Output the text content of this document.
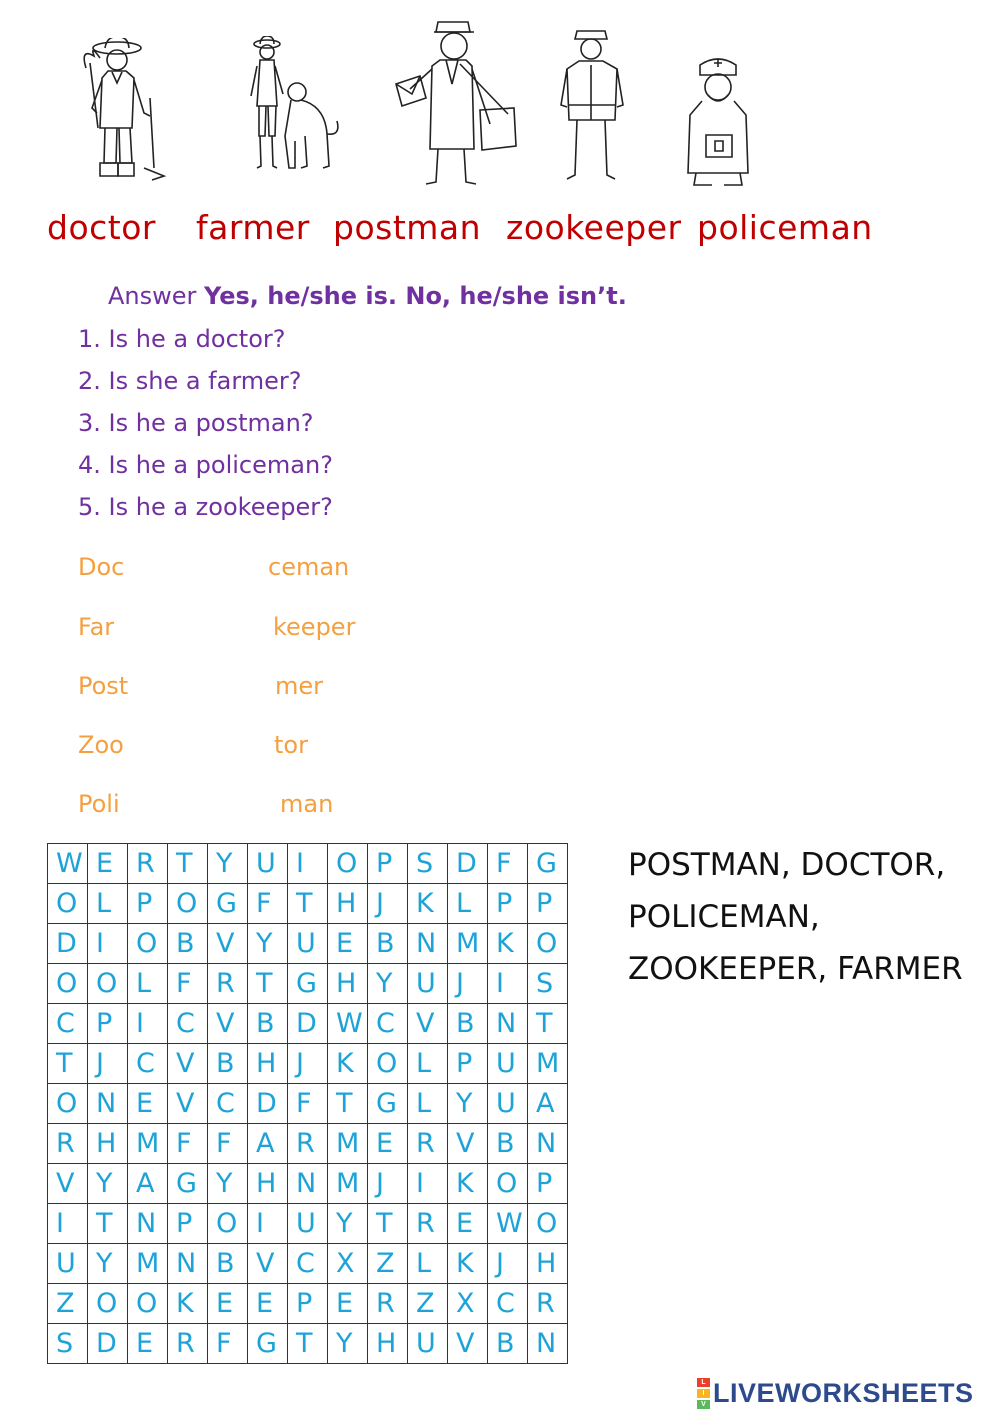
doctor farmer postman zookeeper policeman
Answer Yes, he/she is. No, he/she isn’t.
1. Is he a doctor?
2. Is she a farmer?
3. Is he a postman?
4. Is he a policeman?
5. Is he a zookeeper?
Doc
Far
Post
Zoo
Poli
ceman
keeper
mer
tor
man
W	E	R	T	Y	U	I	O	P	S	D	F	G
O	L	P	O	G	F	T	H	J	K	L	P	P
D	I	O	B	V	Y	U	E	B	N	M	K	O
O	O	L	F	R	T	G	H	Y	U	J	I	S
C	P	I	C	V	B	D	W	C	V	B	N	T
T	J	C	V	B	H	J	K	O	L	P	U	M
O	N	E	V	C	D	F	T	G	L	Y	U	A
R	H	M	F	F	A	R	M	E	R	V	B	N
V	Y	A	G	Y	H	N	M	J	I	K	O	P
I	T	N	P	O	I	U	Y	T	R	E	W	O
U	Y	M	N	B	V	C	X	Z	L	K	J	H
Z	O	O	K	E	E	P	E	R	Z	X	C	R
S	D	E	R	F	G	T	Y	H	U	V	B	N
POSTMAN, DOCTOR,
POLICEMAN,
ZOOKEEPER, FARMER
L
I
V LIVEWORKSHEETS
